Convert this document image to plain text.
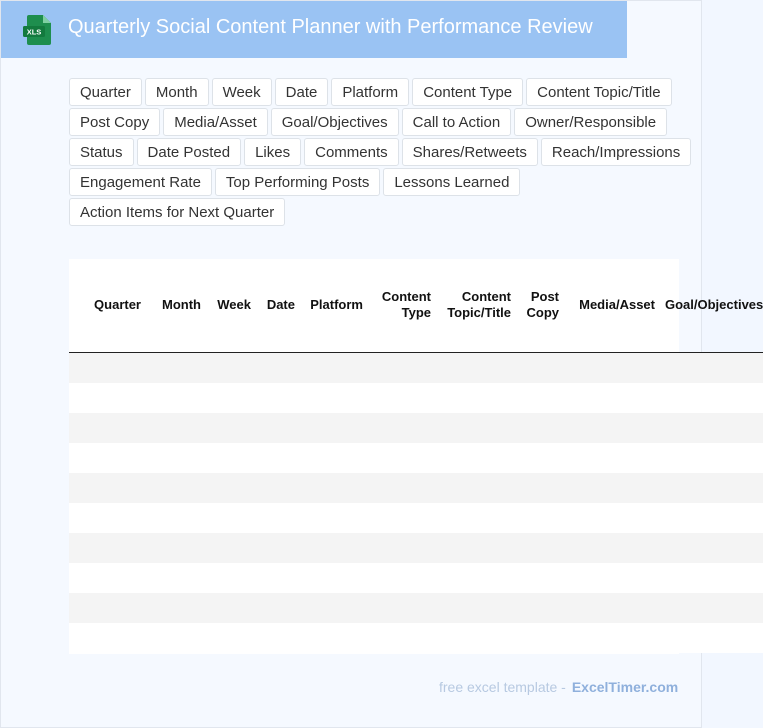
XLS Quarterly Social Content Planner with Performance Review
Quarter	Month	Week	Date	Platform	Content Type	Content Topic/Title
Post Copy	Media/Asset	Goal/Objectives	Call to Action	Owner/Responsible
Status	Date Posted	Likes	Comments	Shares/Retweets	Reach/Impressions
Engagement Rate	Top Performing Posts	Lessons Learned
Action Items for Next Quarter
Quarter	Month	Week	Date	Platform	Content Type	Content Topic/Title	Post Copy	Media/Asset	Goal/Objectives

free excel template - ExcelTimer.com
